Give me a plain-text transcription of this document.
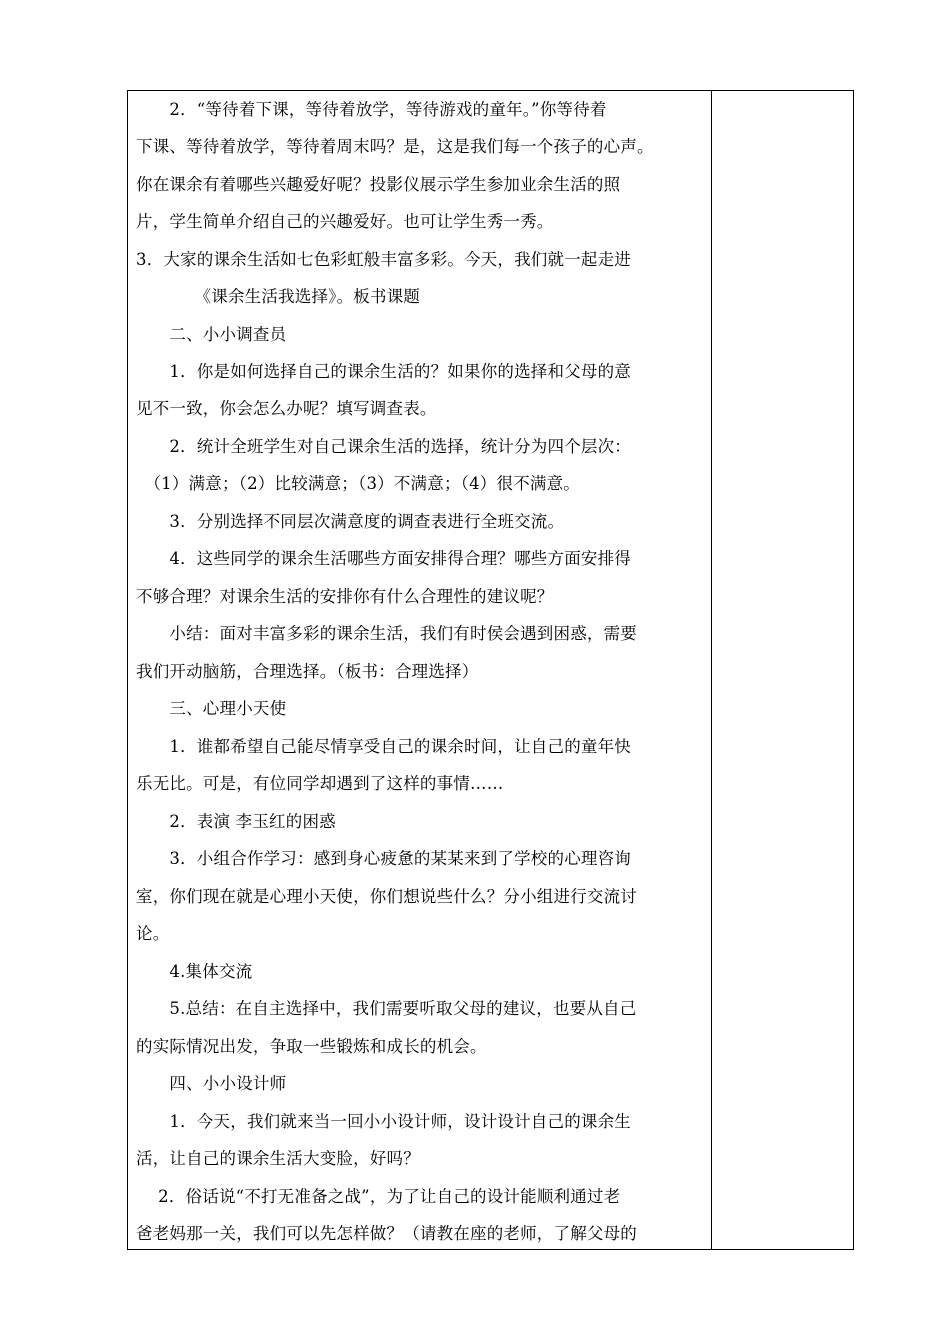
　　2．“等待着下课，等待着放学，等待游戏的童年。”你等待着
下课、等待着放学，等待着周末吗？是，这是我们每一个孩子的心声。
你在课余有着哪些兴趣爱好呢？投影仪展示学生参加业余生活的照
片，学生简单介绍自己的兴趣爱好。也可让学生秀一秀。
3．大家的课余生活如七色彩虹般丰富多彩。今天，我们就一起走进
　　　　《课余生活我选择》。板书课题
　　二、小小调查员
　　1．你是如何选择自己的课余生活的？如果你的选择和父母的意
见不一致，你会怎么办呢？填写调查表。
　　2．统计全班学生对自己课余生活的选择，统计分为四个层次：
　（1）满意；（2）比较满意；（3）不满意；（4）很不满意。
　　3．分别选择不同层次满意度的调查表进行全班交流。
　　4．这些同学的课余生活哪些方面安排得合理？哪些方面安排得
不够合理？对课余生活的安排你有什么合理性的建议呢？
　　小结：面对丰富多彩的课余生活，我们有时侯会遇到困惑，需要
我们开动脑筋，合理选择。（板书：合理选择）
　　三、心理小天使
　　1．谁都希望自己能尽情享受自己的课余时间，让自己的童年快
乐无比。可是，有位同学却遇到了这样的事情……
　　2．表演 李玉红的困惑
　　3．小组合作学习：感到身心疲惫的某某来到了学校的心理咨询
室，你们现在就是心理小天使，你们想说些什么？分小组进行交流讨
论。
　　4.集体交流
　　5.总结：在自主选择中，我们需要听取父母的建议，也要从自己
的实际情况出发，争取一些锻炼和成长的机会。
　　四、小小设计师
　　1．今天，我们就来当一回小小设计师，设计设计自己的课余生
活，让自己的课余生活大变脸，好吗？
　 2．俗话说“不打无准备之战”，为了让自己的设计能顺利通过老
爸老妈那一关，我们可以先怎样做？（请教在座的老师，了解父母的
